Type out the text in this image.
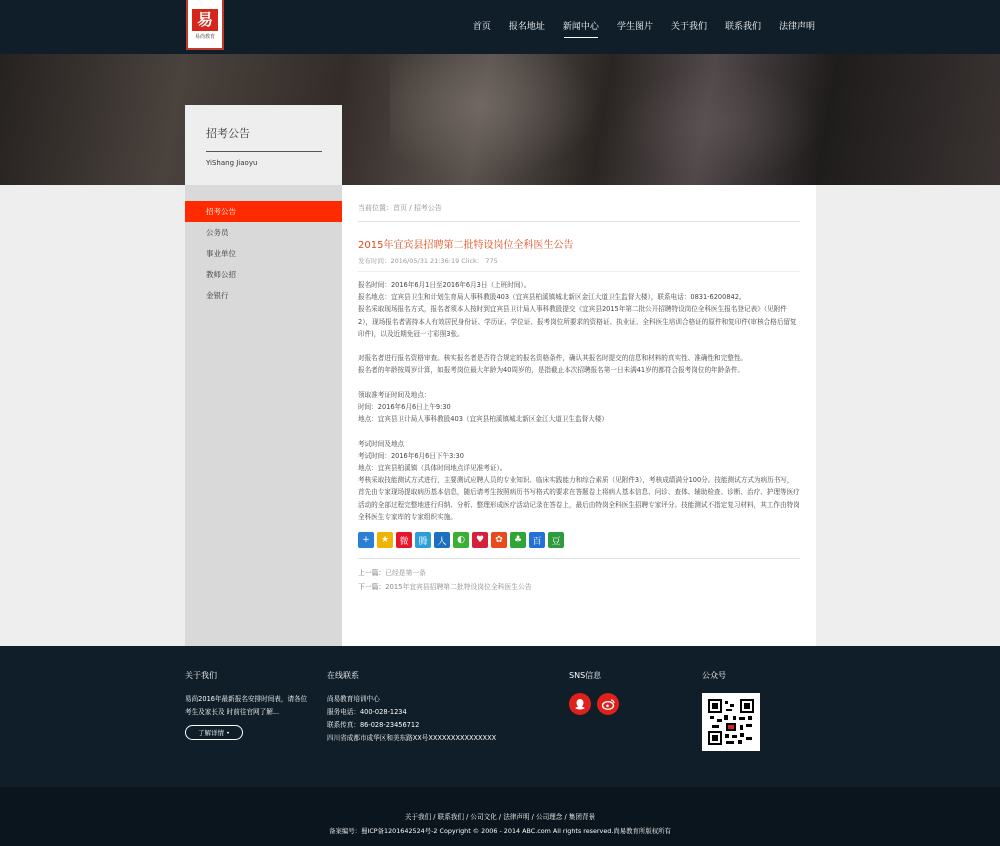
易
易尚教育
首页	报名地址	新闻中心	学生图片	关于我们	联系我们	法律声明
招考公告
YiShang Jiaoyu
招考公告
公务员
事业单位
教师公招
金银行
当前位置：首页 / 招考公告
2015年宜宾县招聘第二批特设岗位全科医生公告
发布时间：2016/05/31 21:36:19 Click： 775

报名时间：2016年6月1日至2016年6月3日（上班时间）。

报名地点：宜宾县卫生和计划生育局人事科教股403（宜宾县柏溪镇城北新区金江大道卫生监督大楼），联系电话：0831-6200842。

报名采取现场报名方式，报名者须本人按时到宜宾县卫计局人事科教股提交《宜宾县2015年第二批公开招聘特设岗位全科医生报名登记表》（见附件2），现场报名者需持本人有效居民身份证、学历证、学位证、报考岗位所要求的资格证、执业证、全科医生培训合格证的原件和复印件(审核合格后留复印件)，以及近期免冠一寸彩照3张。

对报名者进行报名资格审查。核实报名者是否符合规定的报名资格条件，确认其报名时提交的信息和材料的真实性、准确性和完整性。

报名者的年龄按周岁计算，如报考岗位最大年龄为40周岁的，是指截止本次招聘报名第一日未满41岁的都符合报考岗位的年龄条件。

领取准考证时间及地点：

时间：2016年6月6日上午9:30

地点：宜宾县卫计局人事科教股403（宜宾县柏溪镇城北新区金江大道卫生监督大楼）

考试时间及地点

考试时间：2016年6月6日下午3:30

地点：宜宾县柏溪镇（具体时间地点详见准考证）。

考核采取技能测试方式进行，主要测试应聘人员的专业知识、临床实践能力和综合素质（见附件3），考核成绩满分100分。技能测试方式为病历书写，首先由专家现场提取病历基本信息，随后请考生按照病历书写格式的要求在答题卷上将病人基本信息、问诊、查体、辅助检查、诊断、治疗、护理等医疗活动的全部过程完整地进行归纳、分析、整理形成医疗活动记录在答卷上，最后由特岗全科医生招聘专家评分。技能测试不指定复习材料，其工作由特岗全科医生专家库的专家组织实施。

+	★	微	腾	人	◐	♥	✿	♣	百	豆
上一篇：已经是第一条
下一篇：2015年宜宾县招聘第二批特设岗位全科医生公告
关于我们
易尚2016年最新报名安排时间表，请各位考生及家长及 时前往官网了解...
了解详情 •
在线联系
尚易教育培训中心
服务电话：400-028-1234
联系传真：86-028-23456712
四川省成都市成华区和美东路XX号XXXXXXXXXXXXXXX
SNS信息	公众号
关于我们 / 联系我们 / 公司文化 / 法律声明 / 公司理念 / 集团背景
备案编号：蜀ICP备1201642524号-2 Copyright © 2006 - 2014 ABC.com All rights reserved.尚易教育所版权所有
